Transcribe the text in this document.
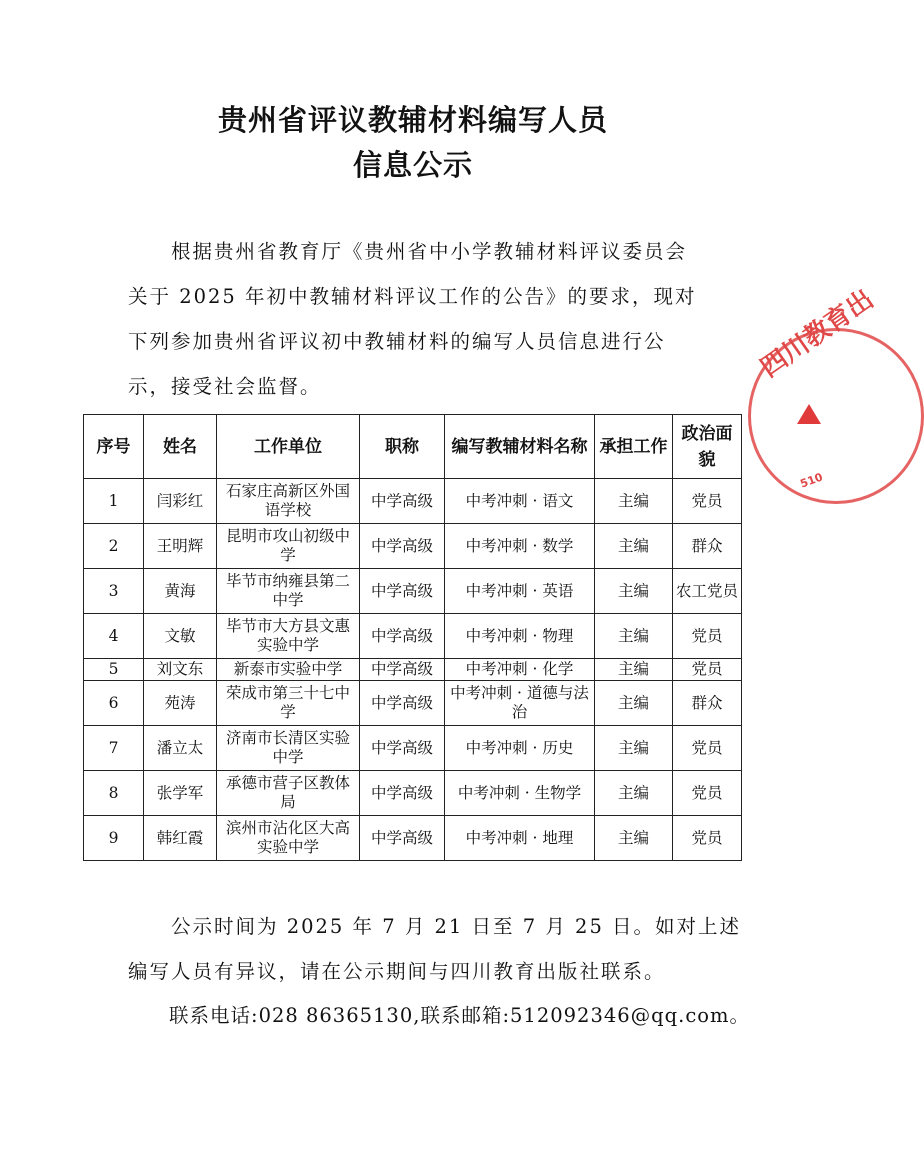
贵州省评议教辅材料编写人员
信息公示
　　根据贵州省教育厅《贵州省中小学教辅材料评议委员会
关于 2025 年初中教辅材料评议工作的公告》的要求，现对
下列参加贵州省评议初中教辅材料的编写人员信息进行公
示，接受社会监督。
四川教育出
510
序号	姓名	工作单位	职称	编写教辅材料名称	承担工作	政治面貌
1	闫彩红	石家庄高新区外国语学校	中学高级	中考冲刺 · 语文	主编	党员
2	王明辉	昆明市攻山初级中学	中学高级	中考冲刺 · 数学	主编	群众
3	黄海	毕节市纳雍县第二中学	中学高级	中考冲刺 · 英语	主编	农工党员
4	文敏	毕节市大方县文惠实验中学	中学高级	中考冲刺 · 物理	主编	党员
5	刘文东	新泰市实验中学	中学高级	中考冲刺 · 化学	主编	党员
6	苑涛	荣成市第三十七中学	中学高级	中考冲刺 · 道德与法治	主编	群众
7	潘立太	济南市长清区实验中学	中学高级	中考冲刺 · 历史	主编	党员
8	张学军	承德市营子区教体局	中学高级	中考冲刺 · 生物学	主编	党员
9	韩红霞	滨州市沾化区大高实验中学	中学高级	中考冲刺 · 地理	主编	党员
　　公示时间为 2025 年 7 月 21 日至 7 月 25 日。如对上述
编写人员有异议，请在公示期间与四川教育出版社联系。
　　联系电话:028 86365130,联系邮箱:512092346@qq.com。
